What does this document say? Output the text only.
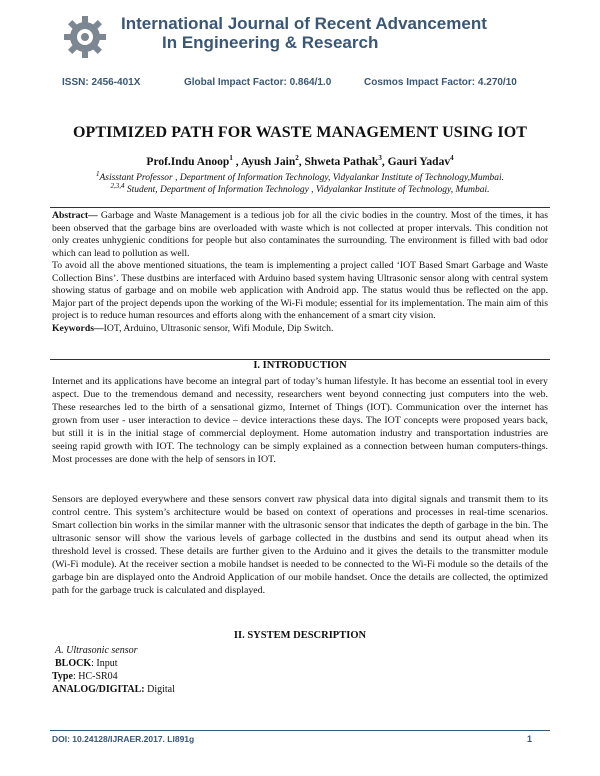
International Journal of Recent Advancement
In Engineering & Research
ISSN: 2456-401X	Global Impact Factor: 0.864/1.0	Cosmos Impact Factor: 4.270/10
OPTIMIZED PATH FOR WASTE MANAGEMENT USING IOT
Prof.Indu Anoop$^1$ , Ayush Jain$^2$, Shweta Pathak$^3$, Gauri Yadav$^4$
$^1$Asisstant Professor , Department of Information Technology, Vidyalankar Institute of Technology,Mumbai.
$^{2,3,4}$ Student, Department of Information Technology , Vidyalankar Institute of Technology, Mumbai.

Abstract— Garbage and Waste Management is a tedious job for all the civic bodies in the country. Most of the times, it has been observed that the garbage bins are overloaded with waste which is not collected at proper intervals. This condition not only creates unhygienic conditions for people but also contaminates the surrounding. The environment is filled with bad odor which can lead to pollution as well.

To avoid all the above mentioned situations, the team is implementing a project called ‘IOT Based Smart Garbage and Waste Collection Bins’. These dustbins are interfaced with Arduino based system having Ultrasonic sensor along with central system showing status of garbage and on mobile web application with Android app. The status would thus be reflected on the app. Major part of the project depends upon the working of the Wi-Fi module; essential for its implementation. The main aim of this project is to reduce human resources and efforts along with the enhancement of a smart city vision.

Keywords—IOT, Arduino, Ultrasonic sensor, Wifi Module, Dip Switch.

I. INTRODUCTION

Internet and its applications have become an integral part of today’s human lifestyle. It has become an essential tool in every aspect. Due to the tremendous demand and necessity, researchers went beyond connecting just computers into the web. These researches led to the birth of a sensational gizmo, Internet of Things (IOT). Communication over the internet has grown from user - user interaction to device – device interactions these days. The IOT concepts were proposed years back, but still it is in the initial stage of commercial deployment. Home automation industry and transportation industries are seeing rapid growth with IOT. The technology can be simply explained as a connection between human computers-things. Most processes are done with the help of sensors in IOT.

Sensors are deployed everywhere and these sensors convert raw physical data into digital signals and transmit them to its control centre. This system’s architecture would be based on context of operations and processes in real-time scenarios. Smart collection bin works in the similar manner with the ultrasonic sensor that indicates the depth of garbage in the bin. The ultrasonic sensor will show the various levels of garbage collected in the dustbins and send its output ahead when its threshold level is crossed. These details are further given to the Arduino and it gives the details to the transmitter module (Wi-Fi module). At the receiver section a mobile handset is needed to be connected to the Wi-Fi module so the details of the garbage bin are displayed onto the Android Application of our mobile handset. Once the details are collected, the optimized path for the garbage truck is calculated and displayed.

II. SYSTEM DESCRIPTION
A. Ultrasonic sensor
BLOCK: Input
Type: HC-SR04
ANALOG/DIGITAL: Digital
DOI: 10.24128/IJRAER.2017. Ll891g	1
